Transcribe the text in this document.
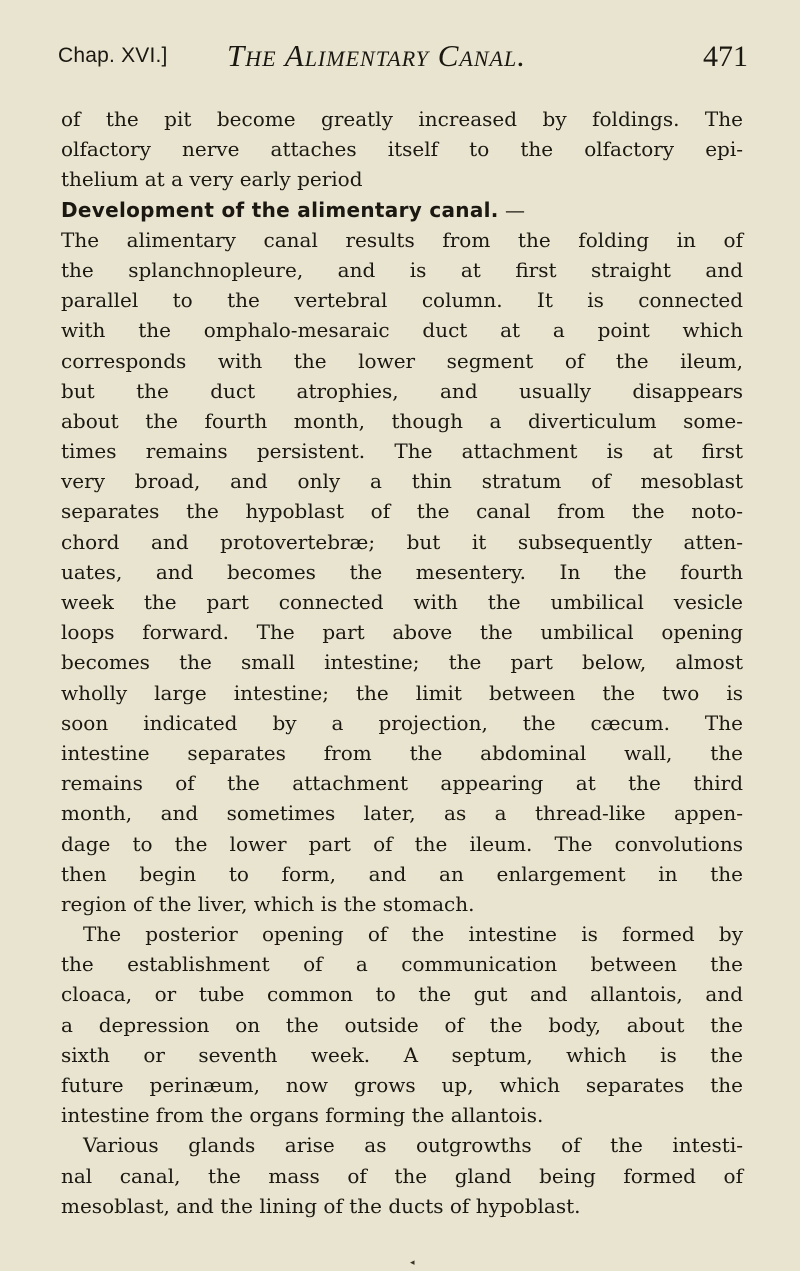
Chap. XVI.] The Alimentary Canal.	471
of the pit become greatly increased by foldings. The
olfactory nerve attaches itself to the olfactory epi-
thelium at a very early period
Development of the alimentary canal. —
The alimentary canal results from the folding in of
the splanchnopleure, and is at first straight and
parallel to the vertebral column. It is connected
with the omphalo-mesaraic duct at a point which
corresponds with the lower segment of the ileum,
but the duct atrophies, and usually disappears
about the fourth month, though a diverticulum some-
times remains persistent. The attachment is at first
very broad, and only a thin stratum of mesoblast
separates the hypoblast of the canal from the noto-
chord and protovertebræ; but it subsequently atten-
uates, and becomes the mesentery. In the fourth
week the part connected with the umbilical vesicle
loops forward. The part above the umbilical opening
becomes the small intestine; the part below, almost
wholly large intestine; the limit between the two is
soon indicated by a projection, the cæcum. The
intestine separates from the abdominal wall, the
remains of the attachment appearing at the third
month, and sometimes later, as a thread-like appen-
dage to the lower part of the ileum. The convolutions
then begin to form, and an enlargement in the
region of the liver, which is the stomach.
The posterior opening of the intestine is formed by
the establishment of a communication between the
cloaca, or tube common to the gut and allantois, and
a depression on the outside of the body, about the
sixth or seventh week. A septum, which is the
future perinæum, now grows up, which separates the
intestine from the organs forming the allantois.
Various glands arise as outgrowths of the intesti-
nal canal, the mass of the gland being formed of
mesoblast, and the lining of the ducts of hypoblast.
◂
